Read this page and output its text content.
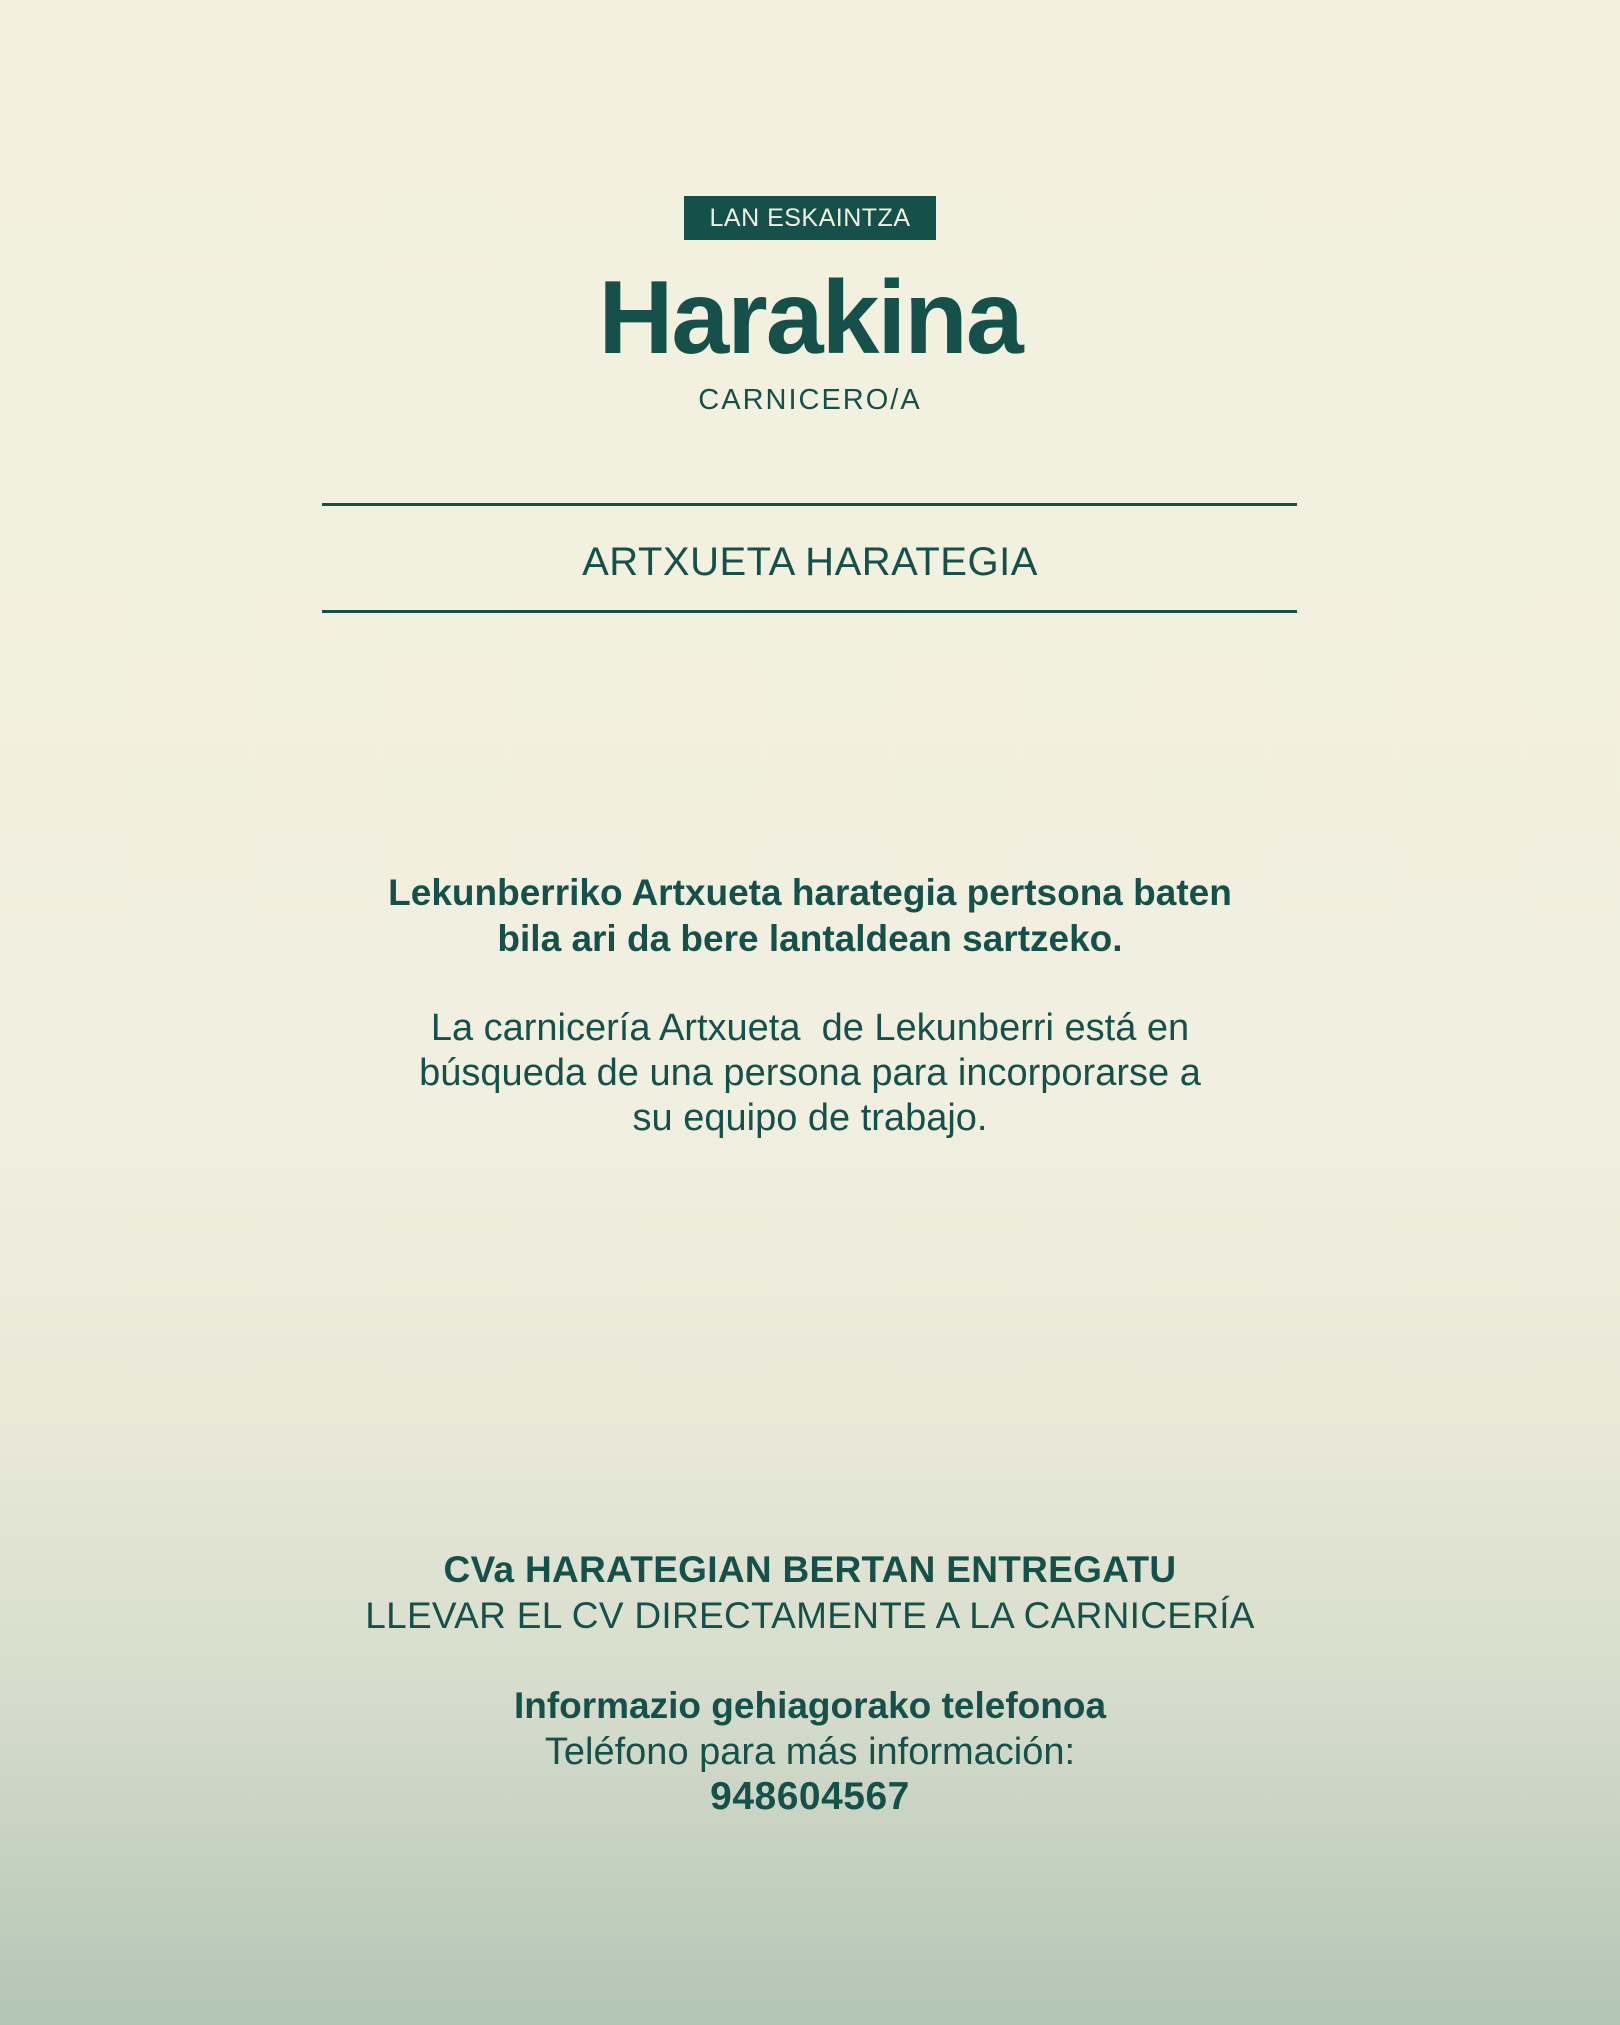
LAN ESKAINTZA
Harakina
CARNICERO/A
ARTXUETA HARATEGIA
Lekunberriko Artxueta harategia pertsona baten
bila ari da bere lantaldean sartzeko.
La carnicería Artxueta  de Lekunberri está en
búsqueda de una persona para incorporarse a
su equipo de trabajo.
CVa HARATEGIAN BERTAN ENTREGATU
LLEVAR EL CV DIRECTAMENTE A LA CARNICERÍA
Informazio gehiagorako telefonoa
Teléfono para más información:
948604567
